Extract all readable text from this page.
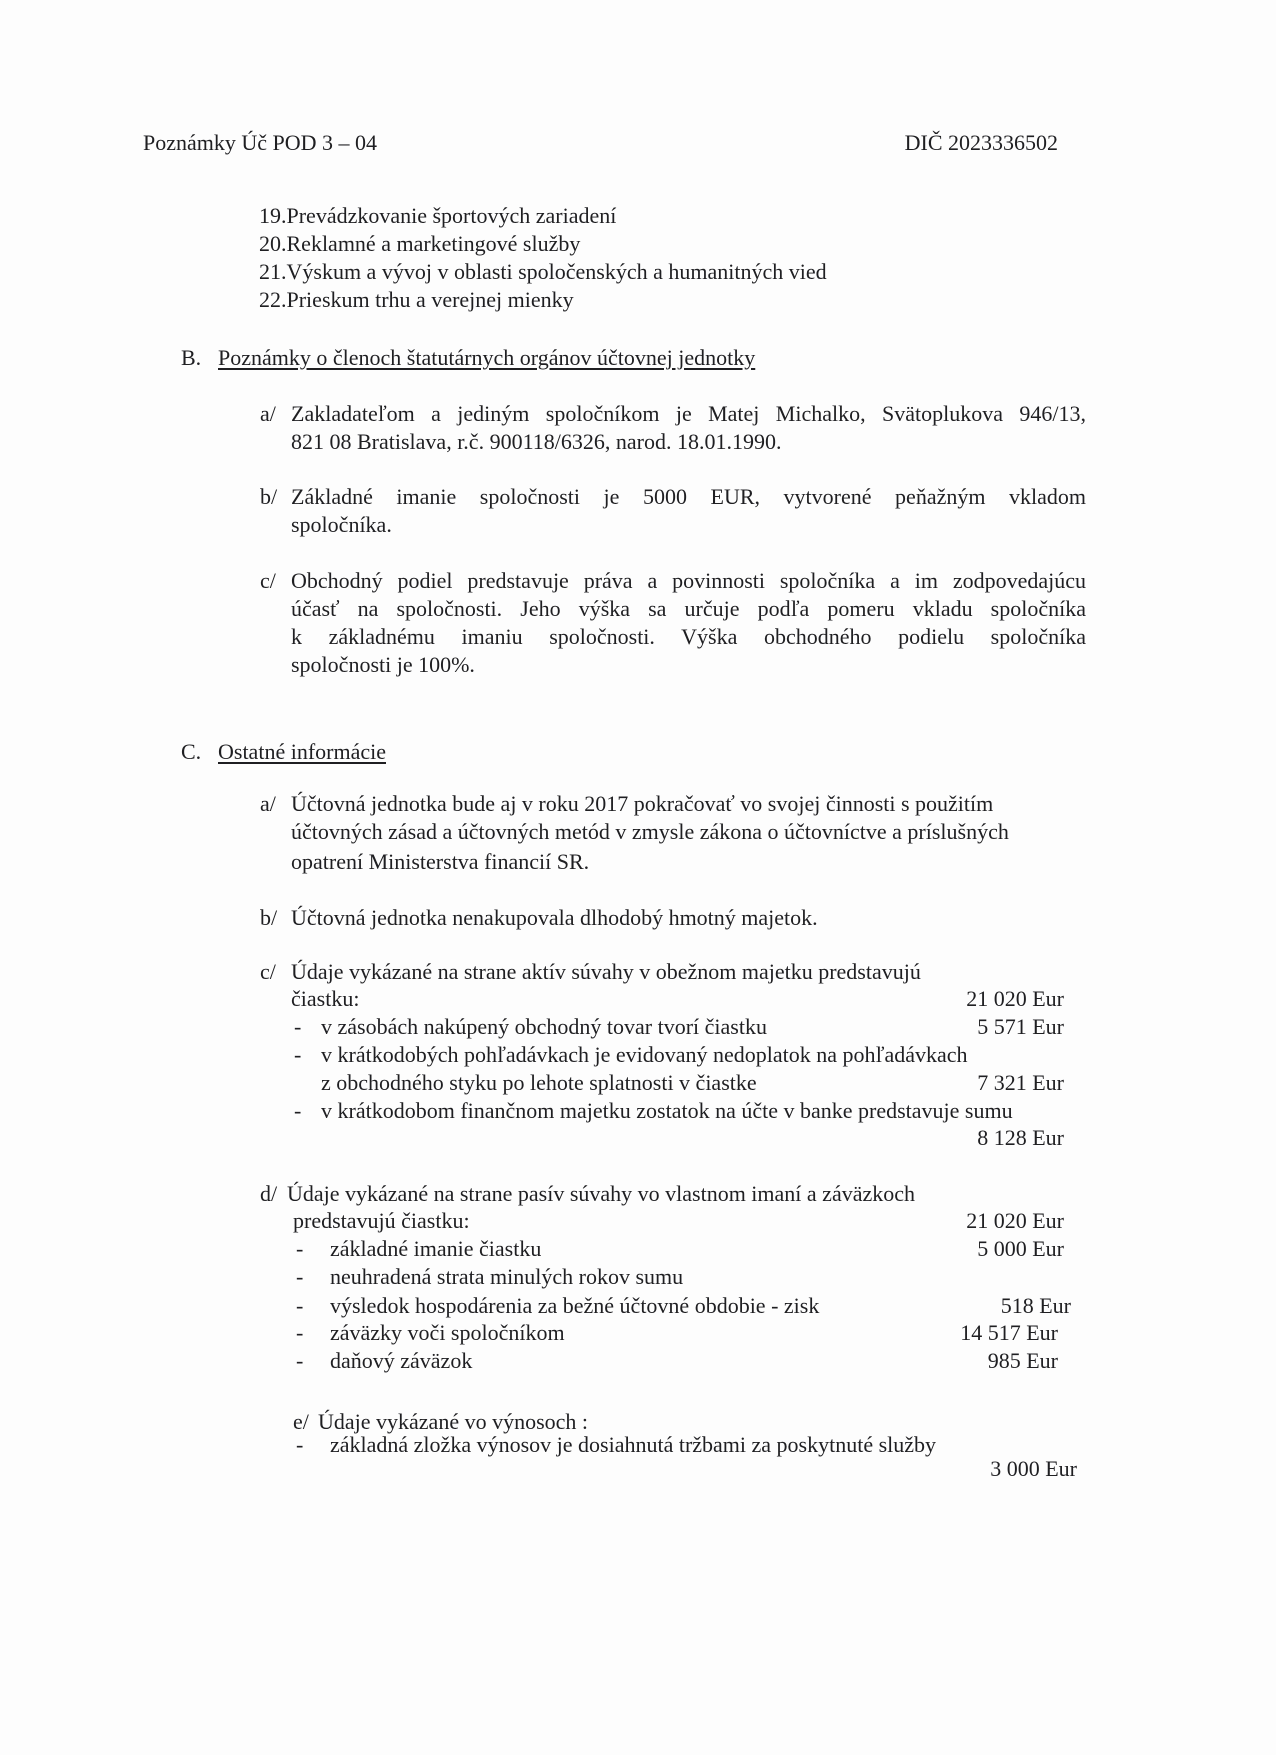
Poznámky Úč POD 3 – 04	DIČ 2023336502
19.Prevádzkovanie športových zariadení
20.Reklamné a marketingové služby
21.Výskum a vývoj v oblasti spoločenských a humanitných vied
22.Prieskum trhu a verejnej mienky
B. Poznámky o členoch štatutárnych orgánov účtovnej jednotky
a/ Zakladateľom a jediným spoločníkom je Matej Michalko, Svätoplukova 946/13,
821 08 Bratislava, r.č. 900118/6326, narod. 18.01.1990.
b/ Základné imanie spoločnosti je 5000 EUR, vytvorené peňažným vkladom
spoločníka.
c/ Obchodný podiel predstavuje práva a povinnosti spoločníka a im zodpovedajúcu
účasť na spoločnosti. Jeho výška sa určuje podľa pomeru vkladu spoločníka
k základnému imaniu spoločnosti. Výška obchodného podielu spoločníka
spoločnosti je 100%.
C. Ostatné informácie
a/ Účtovná jednotka bude aj v roku 2017 pokračovať vo svojej činnosti s použitím
účtovných zásad a účtovných metód v zmysle zákona o účtovníctve a príslušných
opatrení Ministerstva financií SR.
b/ Účtovná jednotka nenakupovala dlhodobý hmotný majetok.
c/ Údaje vykázané na strane aktív súvahy v obežnom majetku predstavujú
čiastku:	21 020 Eur
- v zásobách nakúpený obchodný tovar tvorí čiastku	5 571 Eur
- v krátkodobých pohľadávkach je evidovaný nedoplatok na pohľadávkach
z obchodného styku po lehote splatnosti v čiastke	7 321 Eur
- v krátkodobom finančnom majetku zostatok na účte v banke predstavuje sumu
8 128 Eur
d/ Údaje vykázané na strane pasív súvahy vo vlastnom imaní a záväzkoch
predstavujú čiastku:	21 020 Eur
- základné imanie čiastku	5 000 Eur
- neuhradená strata minulých rokov sumu
- výsledok hospodárenia za bežné účtovné obdobie - zisk	518 Eur
- záväzky voči spoločníkom	14 517 Eur
- daňový záväzok	985 Eur
e/ Údaje vykázané vo výnosoch :
- základná zložka výnosov je dosiahnutá tržbami za poskytnuté služby
3 000 Eur
